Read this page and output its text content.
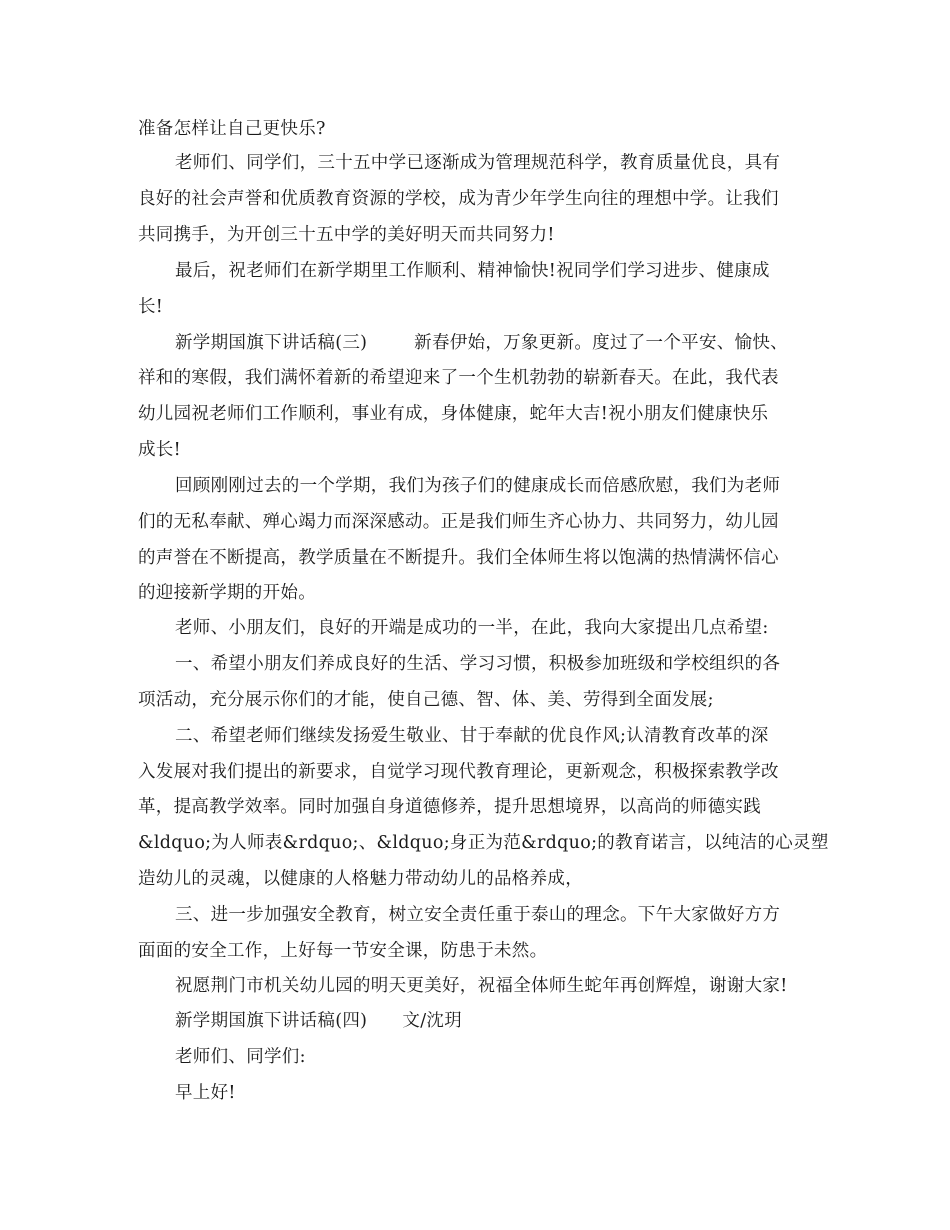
准备怎样让自己更快乐?
老师们、同学们，三十五中学已逐渐成为管理规范科学，教育质量优良，具有
良好的社会声誉和优质教育资源的学校，成为青少年学生向往的理想中学。让我们
共同携手，为开创三十五中学的美好明天而共同努力!
最后，祝老师们在新学期里工作顺利、精神愉快!祝同学们学习进步、健康成
长!
新学期国旗下讲话稿(三)        新春伊始，万象更新。度过了一个平安、愉快、
祥和的寒假，我们满怀着新的希望迎来了一个生机勃勃的崭新春天。在此，我代表
幼儿园祝老师们工作顺利，事业有成，身体健康，蛇年大吉!祝小朋友们健康快乐
成长!
回顾刚刚过去的一个学期，我们为孩子们的健康成长而倍感欣慰，我们为老师
们的无私奉献、殚心竭力而深深感动。正是我们师生齐心协力、共同努力，幼儿园
的声誉在不断提高，教学质量在不断提升。我们全体师生将以饱满的热情满怀信心
的迎接新学期的开始。
老师、小朋友们，良好的开端是成功的一半，在此，我向大家提出几点希望:
一、希望小朋友们养成良好的生活、学习习惯，积极参加班级和学校组织的各
项活动，充分展示你们的才能，使自己德、智、体、美、劳得到全面发展;
二、希望老师们继续发扬爱生敬业、甘于奉献的优良作风;认清教育改革的深
入发展对我们提出的新要求，自觉学习现代教育理论，更新观念，积极探索教学改
革，提高教学效率。同时加强自身道德修养，提升思想境界，以高尚的师德实践
&ldquo;为人师表&rdquo;、&ldquo;身正为范&rdquo;的教育诺言，以纯洁的心灵塑
造幼儿的灵魂，以健康的人格魅力带动幼儿的品格养成，
三、进一步加强安全教育，树立安全责任重于泰山的理念。下午大家做好方方
面面的安全工作，上好每一节安全课，防患于未然。
祝愿荆门市机关幼儿园的明天更美好，祝福全体师生蛇年再创辉煌，谢谢大家!
新学期国旗下讲话稿(四)      文/沈玥
老师们、同学们:
早上好!
